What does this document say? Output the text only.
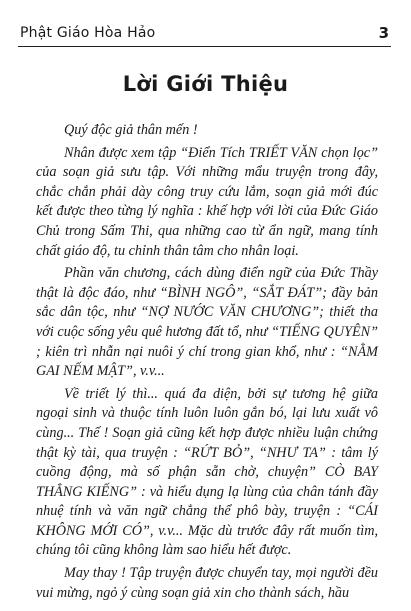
Phật Giáo Hòa Hảo	3
Lời Giới Thiệu

Quý độc giả thân mến !

Nhân được xem tập “Điển Tích TRIẾT VĂN chọn lọc” của soạn giả sưu tập. Với những mẩu truyện trong đây, chắc chắn phải dày công truy cứu lắm, soạn giả mới đúc kết được theo từng lý nghĩa : khế hợp với lời của Đức Giáo Chủ trong Sấm Thi, qua những cao từ ẩn ngữ, mang tính chất giáo độ, tu chỉnh thân tâm cho nhân loại.

Phần văn chương, cách dùng điển ngữ của Đức Thầy thật là độc đáo, như “BÌNH NGÔ”, “SẮT ĐÁT”; đầy bản sắc dân tộc, như “NỢ NƯỚC VĂN CHƯƠNG”; thiết tha với cuộc sống yêu quê hương đất tổ, như “TIẾNG QUYÊN” ; kiên trì nhẫn nại nuôi ý chí trong gian khổ, như : “NẰM GAI NẾM MẬT”, v.v...

Về triết lý thì... quá đa diện, bởi sự tương hệ giữa ngoại sinh và thuộc tính luôn luôn gắn bó, lại lưu xuất vô cùng... Thế ! Soạn giả cũng kết hợp được nhiều luận chứng thật kỳ tài, qua truyện : “RỨT BỎ”, “NHƯ TA” : tâm lý cuồng động, mà số phận sẵn chờ, chuyện” CÒ BAY THẲNG KIẾNG” : và hiểu dụng lạ lùng của chân tánh đầy nhuệ tính và văn ngữ chẳng thể phô bày, truyện : “CÁI KHÔNG MỚI CÓ”, v.v... Mặc dù trước đây rất muốn tìm, chúng tôi cũng không làm sao hiểu hết được.

May thay ! Tập truyện được chuyển tay, mọi người đều vui mừng, ngỏ ý cùng soạn giả xin cho thành sách, hầu
